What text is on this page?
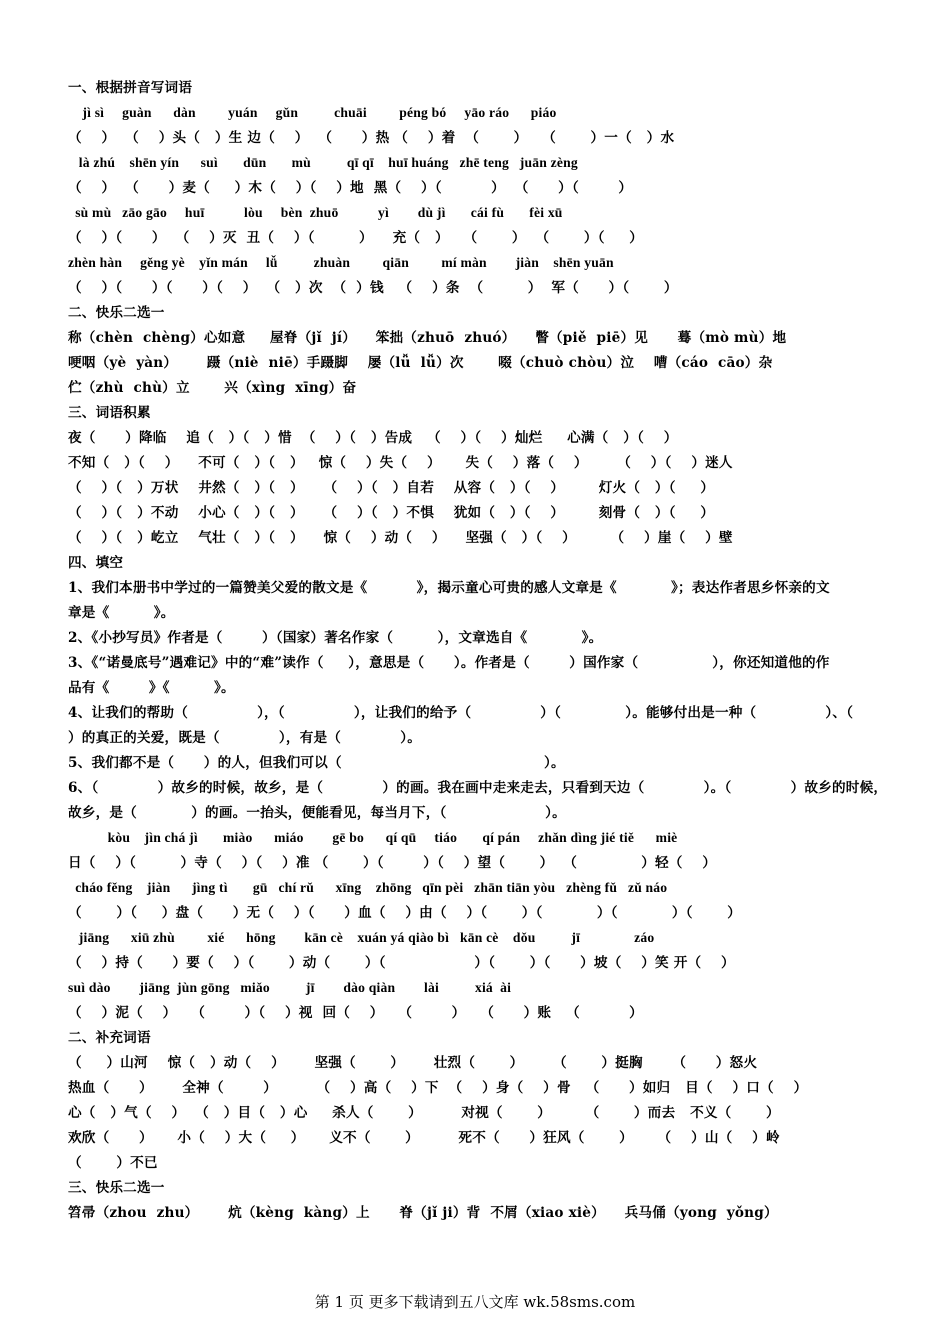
一、根据拼音写词语
jì sì     guàn      dàn         yuán     gǔn          chuāi         péng bó     yāo ráo      piáo
（    ）  （    ）头（   ）生 边（    ）  （      ）热 （    ）着  （       ）   （       ）一（   ）水
là zhú    shēn yín      suì       dūn       mù          qī qī    huī huáng   zhē teng   juān zèng
（    ）  （      ）麦（     ）木（    ）（    ）地  黑（    ）（          ）  （      ）（        ）
sù mù   zāo gāo     huī           lòu     bèn  zhuō           yì        dù jì       cái fù       fèi xū
（    ）（      ）  （    ）灭  丑（    ）（         ）    充（   ）   （       ）  （       ）（     ）
zhèn hàn     gěng yè    yǐn mán     lǚ          zhuàn         qiān         mí màn        jiàn    shēn yuān
（    ）（      ）（      ）（    ）  （   ）次  （  ）钱   （    ）条  （         ）  军（      ）（       ）
二、快乐二选一
称（chèn  chèng）心如意     屋脊（jǐ  jí）    笨拙（zhuō  zhuó）    瞥（piě  piē）见      蓦（mò mù）地
哽咽（yè  yàn）      蹑（niè  niē）手蹑脚    屡（lǚ  lǚ）次       啜（chuò chòu）泣    嘈（cáo  cāo）杂
伫（zhù  chù）立       兴（xìng  xīng）奋
三、词语积累
夜（      ）降临    追（   ）（   ）惜  （    ）（   ）告成   （    ）（    ）灿烂     心满（   ）（    ）
不知（   ）（    ）    不可（   ）（   ）   惊（    ）失（    ）     失（    ）落（    ）      （    ）（    ）迷人
（    ）（   ）万状    井然（   ）（   ）    （    ）（   ）自若    从容（   ）（    ）       灯火（   ）（     ）
（    ）（   ）不动    小心（   ）（   ）    （    ）（   ）不惧    犹如（   ）（    ）       刻骨（   ）（     ）
（    ）（   ）屹立    气壮（   ）（   ）    惊（    ）动（    ）    坚强（   ）（    ）       （    ）崖（    ）壁
四、填空
1、我们本册书中学过的一篇赞美父爱的散文是《          》，揭示童心可贵的感人文章是《           》；表达作者思乡怀亲的文
章是《         》。
2、《小抄写员》作者是（        ）（国家）著名作家（         ），文章选自《           》。
3、《“诺曼底号”遇难记》中的“难”读作（     ），意思是（      ）。作者是（        ）国作家（               ），你还知道他的作
品有《        》《         》。
4、让我们的帮助（              ），（              ），让我们的给予（              ）（             ）。能够付出是一种（              ）、（
）的真正的关爱，既是（            ），有是（            ）。
5、我们都不是（      ）的人，但我们可以（                                         ）。
6、（            ）故乡的时候，故乡，是（            ）的画。我在画中走来走去，只看到天边（            ）。（            ）故乡的时候，
故乡，是（           ）的画。一抬头，便能看见，每当月下，（                    ）。
kòu    jìn chá jì       miào      miáo        gē bo      qí qū     tiáo       qí pán     zhǎn dìng jié tiě      miè
日（    ）（         ）寺（    ）（    ）准 （       ）（        ）（    ）望（       ）  （             ）轻（    ）
cháo fěng    jiàn      jìng tì       gū   chí rǔ      xīng    zhōng   qīn pèi   zhān tiān yòu   zhèng fǔ   zǔ náo
（       ）（     ）盘（      ）无（    ）（      ）血（    ）由（    ）（       ）（           ）（           ）（       ）
jiāng      xiū zhù         xié      hōng        kān cè    xuán yá qiào bì   kān cè    dǒu          jī               záo
（    ）持（      ）要（    ）（       ）动（       ）（                  ）（       ）（      ）坡（    ）笑 开（    ）
suì dào        jiāng  jùn gōng   miǎo          jī        dào qiàn        lài          xiá  ài
（    ）泥（    ）   （        ）（    ）视  回（    ）   （        ）   （      ）账   （          ）
二、补充词语
（     ）山河    惊（   ）动（    ）      坚强（       ）      壮烈（       ）      （       ）挺胸      （      ）怒火
热血（      ）      全神（        ）        （    ）高（    ）下  （    ）身（    ）骨   （      ）如归   目（    ）口（    ）
心（   ）气（    ）  （   ）目（   ）心     杀人（       ）        对视（       ）       （       ）而去   不义（       ）
欢欣（      ）     小（    ）大（     ）     义不（       ）        死不（      ）狂风（       ）     （    ）山（    ）岭
（       ）不已
三、快乐二选一
笤帚（zhou  zhu）      炕（kèng  kàng）上      脊（jǐ ji）背  不屑（xiao xiè）    兵马俑（yong  yǒng）
第 1 页 更多下载请到五八文库 wk.58sms.com
